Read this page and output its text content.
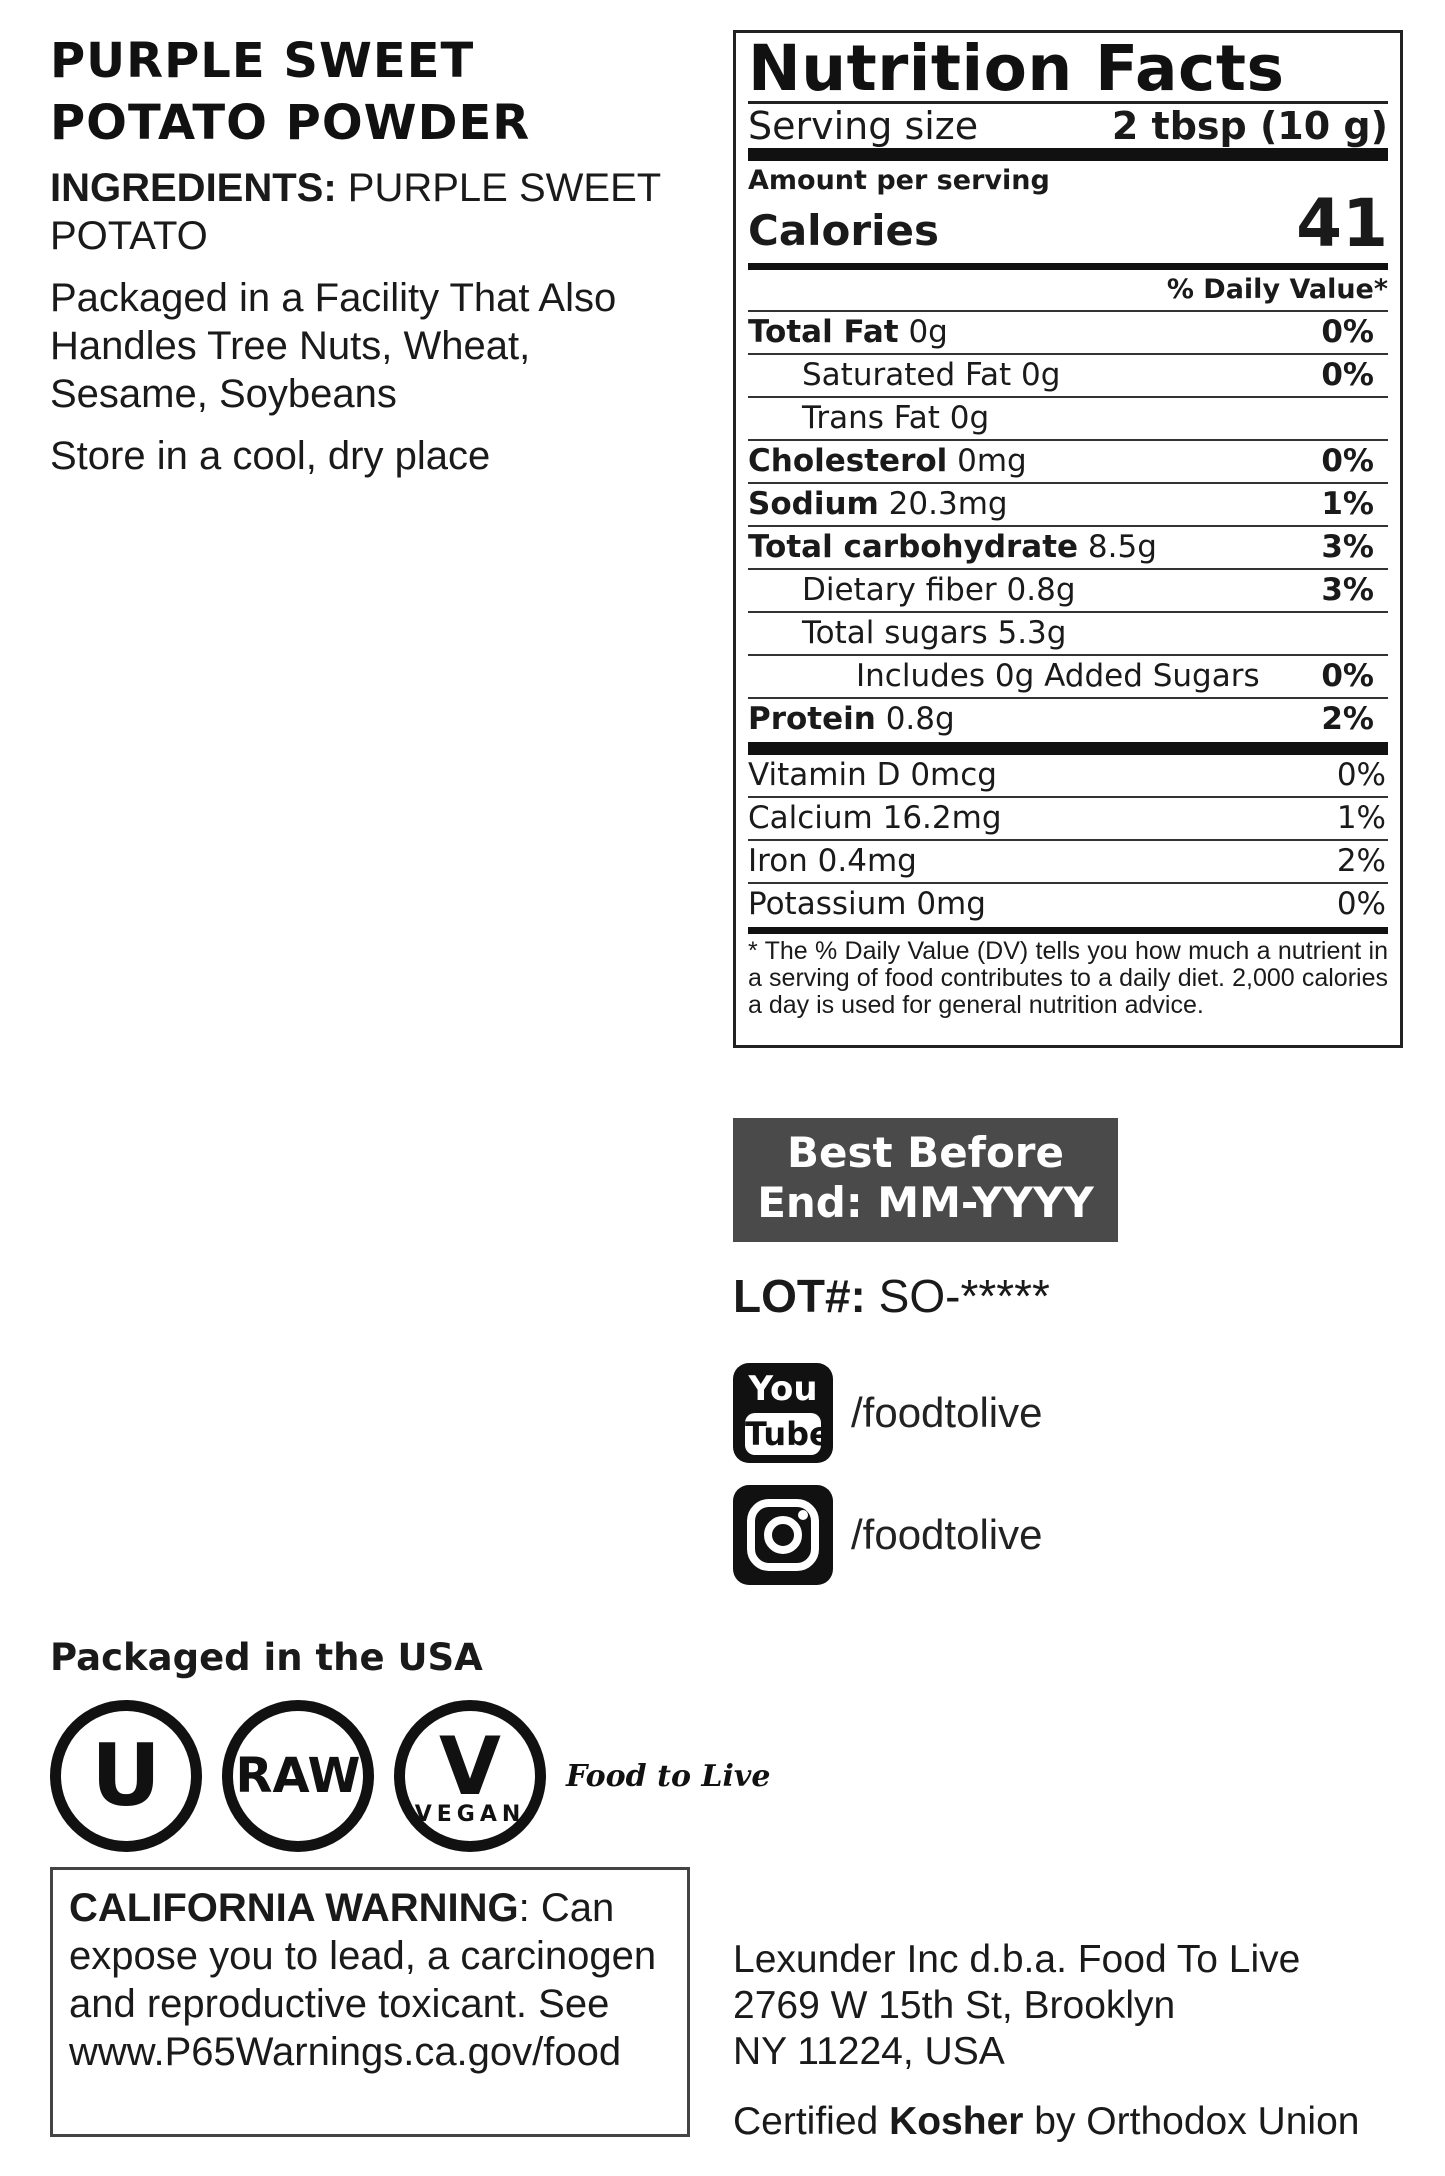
PURPLE SWEET
POTATO POWDER
INGREDIENTS: PURPLE SWEET POTATO
Packaged in a Facility That Also Handles Tree Nuts, Wheat, Sesame, Soybeans
Store in a cool, dry place
Nutrition Facts
Serving size	2 tbsp (10 g)
Amount per serving
Calories	41
% Daily Value*
Total Fat 0g	0%
Saturated Fat 0g	0%
Trans Fat 0g
Cholesterol 0mg	0%
Sodium 20.3mg	1%
Total carbohydrate 8.5g	3%
Dietary fiber 0.8g	3%
Total sugars 5.3g
Includes 0g Added Sugars 0%
Protein 0.8g	2%
Vitamin D 0mcg	0%
Calcium 16.2mg	1%
Iron 0.4mg	2%
Potassium 0mg	0%
* The % Daily Value (DV) tells you how much a nutrient in a serving of food contributes to a daily diet. 2,000 calories a day is used for general nutrition advice.
Best Before
End: MM-YYYY
LOT#: SO-*****
You
Tube /foodtolive
/foodtolive
Packaged in the USA
U RAW V
VEGAN
Food to Live
CALIFORNIA WARNING: Can expose you to lead, a carcinogen and reproductive toxicant. See www.P65Warnings.ca.gov/food
Lexunder Inc d.b.a. Food To Live
2769 W 15th St, Brooklyn
NY 11224, USA
Certified Kosher by Orthodox Union
